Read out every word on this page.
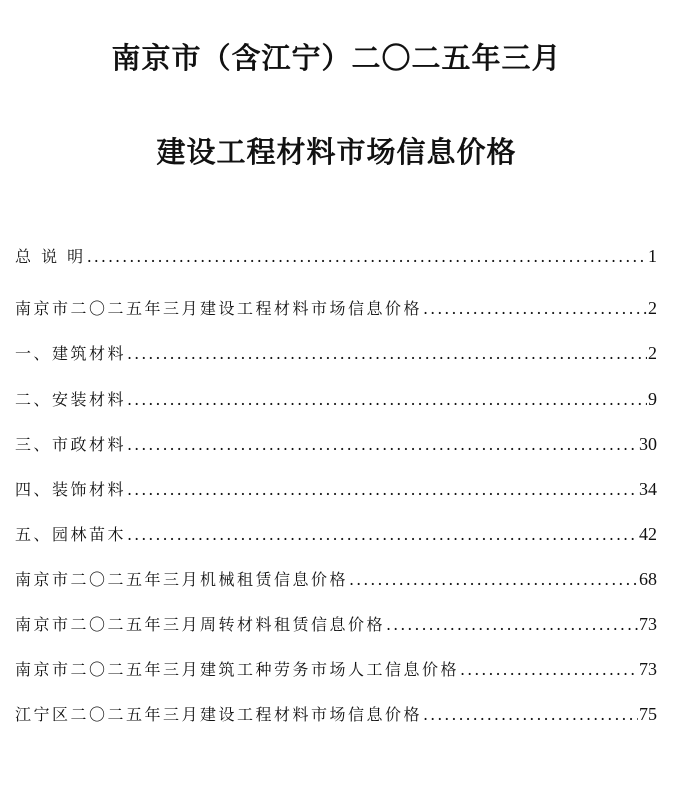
南京市（含江宁）二〇二五年三月
建设工程材料市场信息价格
总 说 明 .....	1
南京市二〇二五年三月建设工程材料市场信息价格 .....	2
一、建筑材料 .....	2
二、安装材料 .....	9
三、市政材料 .....	30
四、装饰材料 .....	34
五、园林苗木 .....	42
南京市二〇二五年三月机械租赁信息价格 .....	68
南京市二〇二五年三月周转材料租赁信息价格 .....	73
南京市二〇二五年三月建筑工种劳务市场人工信息价格 .....	73
江宁区二〇二五年三月建设工程材料市场信息价格 .....	75
